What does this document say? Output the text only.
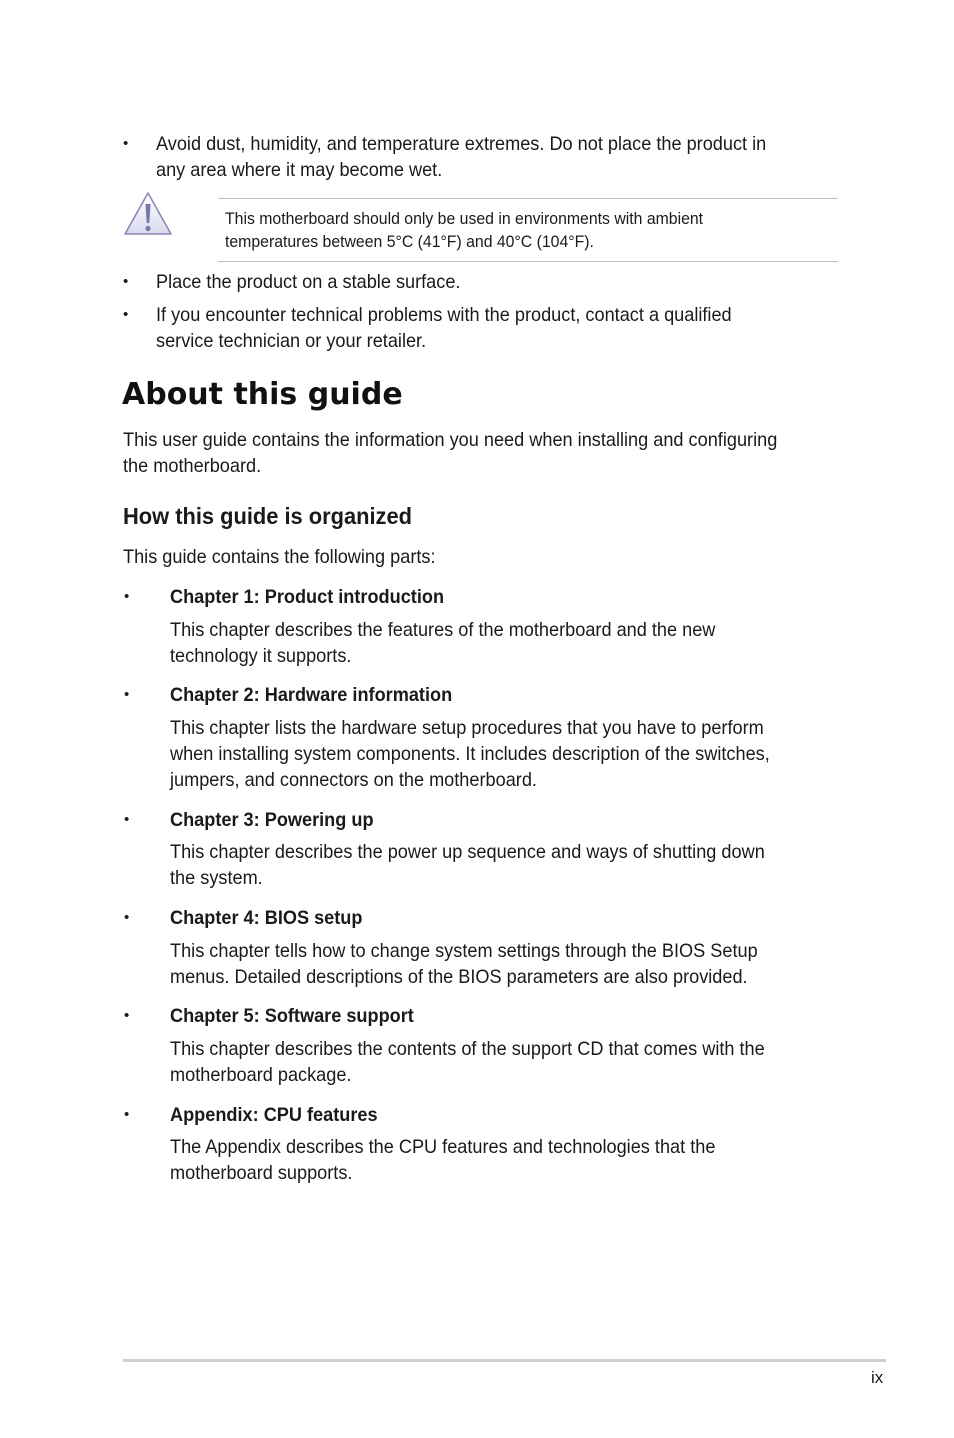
• Avoid dust, humidity, and temperature extremes. Do not place the product in
any area where it may become wet.
This motherboard should only be used in environments with ambient
temperatures between 5°C (41°F) and 40°C (104°F).
• Place the product on a stable surface.
• If you encounter technical problems with the product, contact a qualified
service technician or your retailer.
About this guide
This user guide contains the information you need when installing and configuring
the motherboard.
How this guide is organized
This guide contains the following parts:
• Chapter 1: Product introduction
This chapter describes the features of the motherboard and the new
technology it supports.
• Chapter 2: Hardware information
This chapter lists the hardware setup procedures that you have to perform
when installing system components. It includes description of the switches,
jumpers, and connectors on the motherboard.
• Chapter 3: Powering up
This chapter describes the power up sequence and ways of shutting down
the system.
• Chapter 4: BIOS setup
This chapter tells how to change system settings through the BIOS Setup
menus. Detailed descriptions of the BIOS parameters are also provided.
• Chapter 5: Software support
This chapter describes the contents of the support CD that comes with the
motherboard package.
• Appendix: CPU features
The Appendix describes the CPU features and technologies that the
motherboard supports.
ix
